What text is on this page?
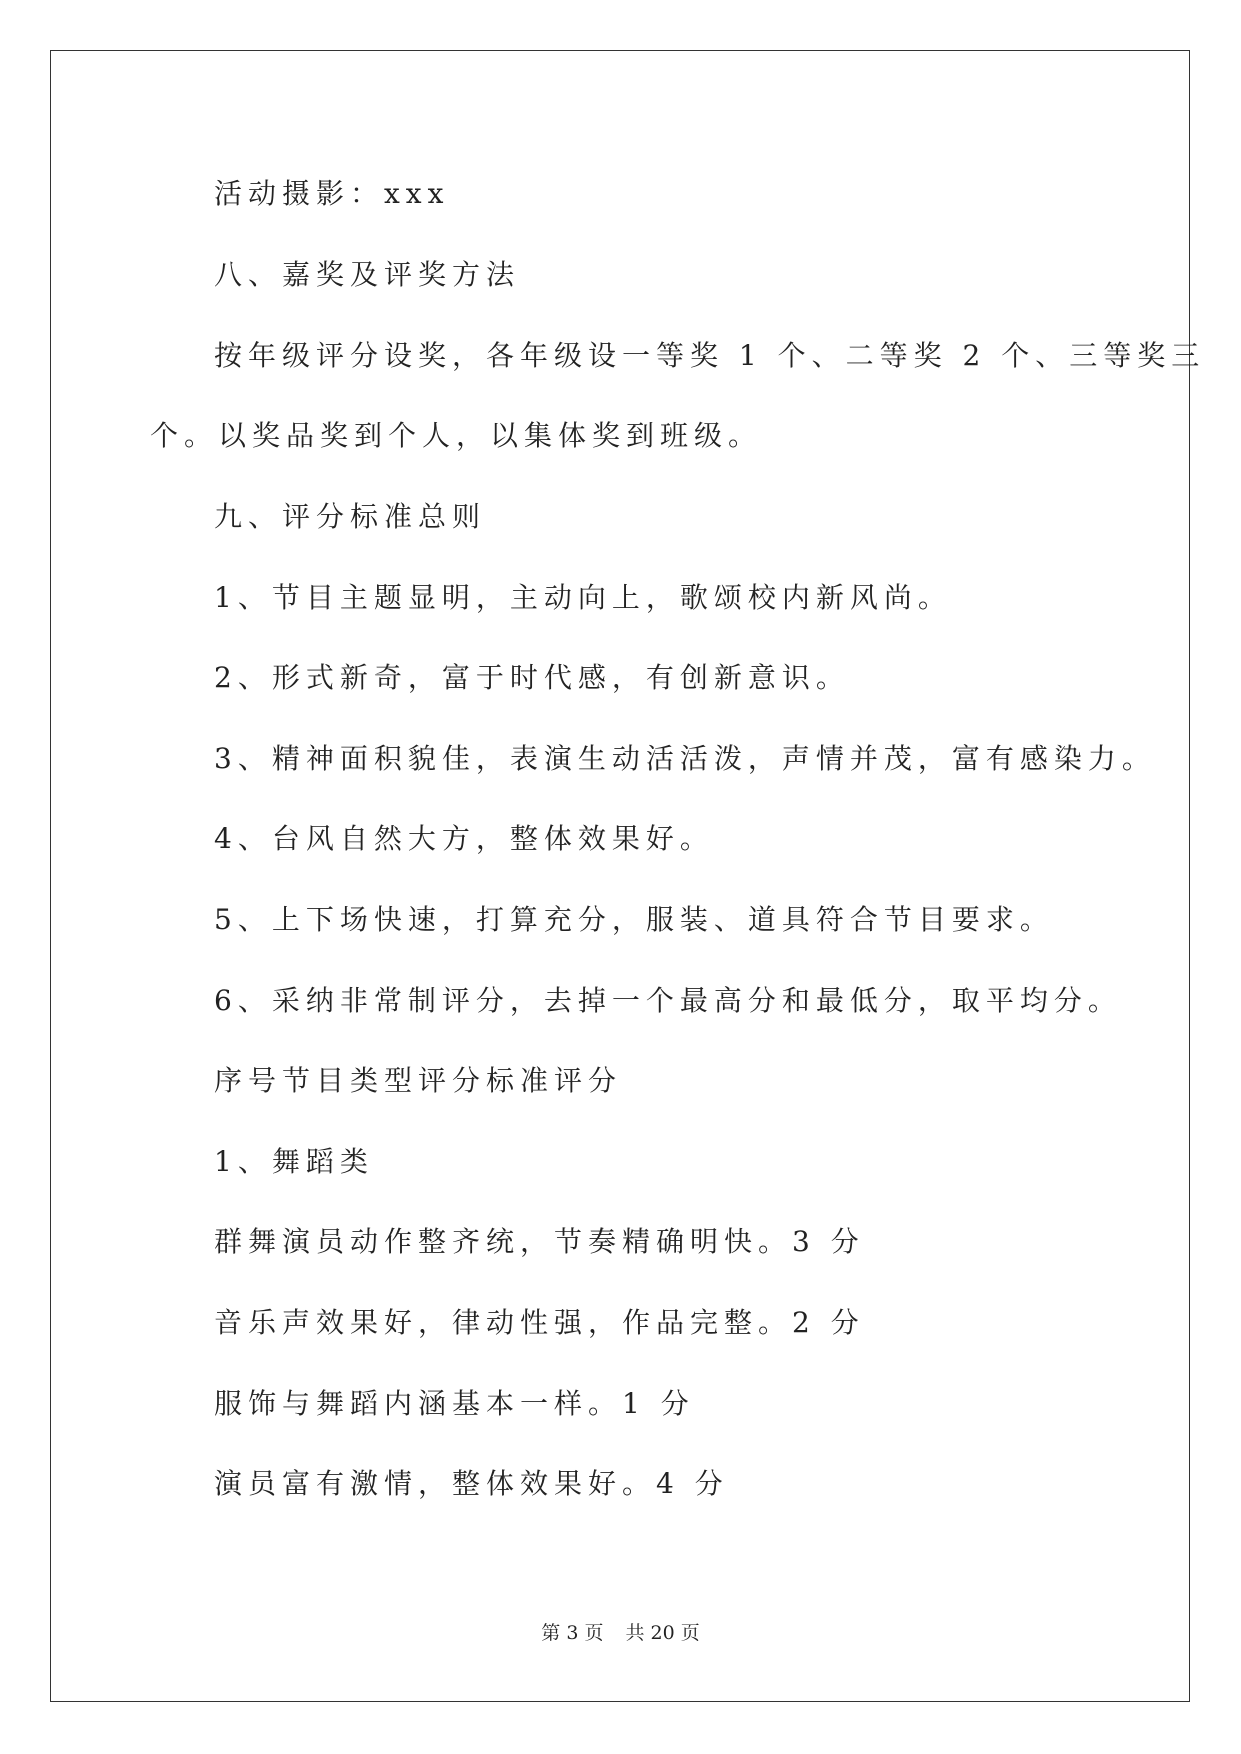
活动摄影：xxx

八、嘉奖及评奖方法

按年级评分设奖，各年级设一等奖 1 个、二等奖 2 个、三等奖三

个。以奖品奖到个人，以集体奖到班级。

九、评分标准总则

1、节目主题显明，主动向上，歌颂校内新风尚。

2、形式新奇，富于时代感，有创新意识。

3、精神面积貌佳，表演生动活活泼，声情并茂，富有感染力。

4、台风自然大方，整体效果好。

5、上下场快速，打算充分，服装、道具符合节目要求。

6、采纳非常制评分，去掉一个最高分和最低分，取平均分。

序号节目类型评分标准评分

1、舞蹈类

群舞演员动作整齐统，节奏精确明快。3 分

音乐声效果好，律动性强，作品完整。2 分

服饰与舞蹈内涵基本一样。1 分

演员富有激情，整体效果好。4 分

第 3 页 共 20 页
